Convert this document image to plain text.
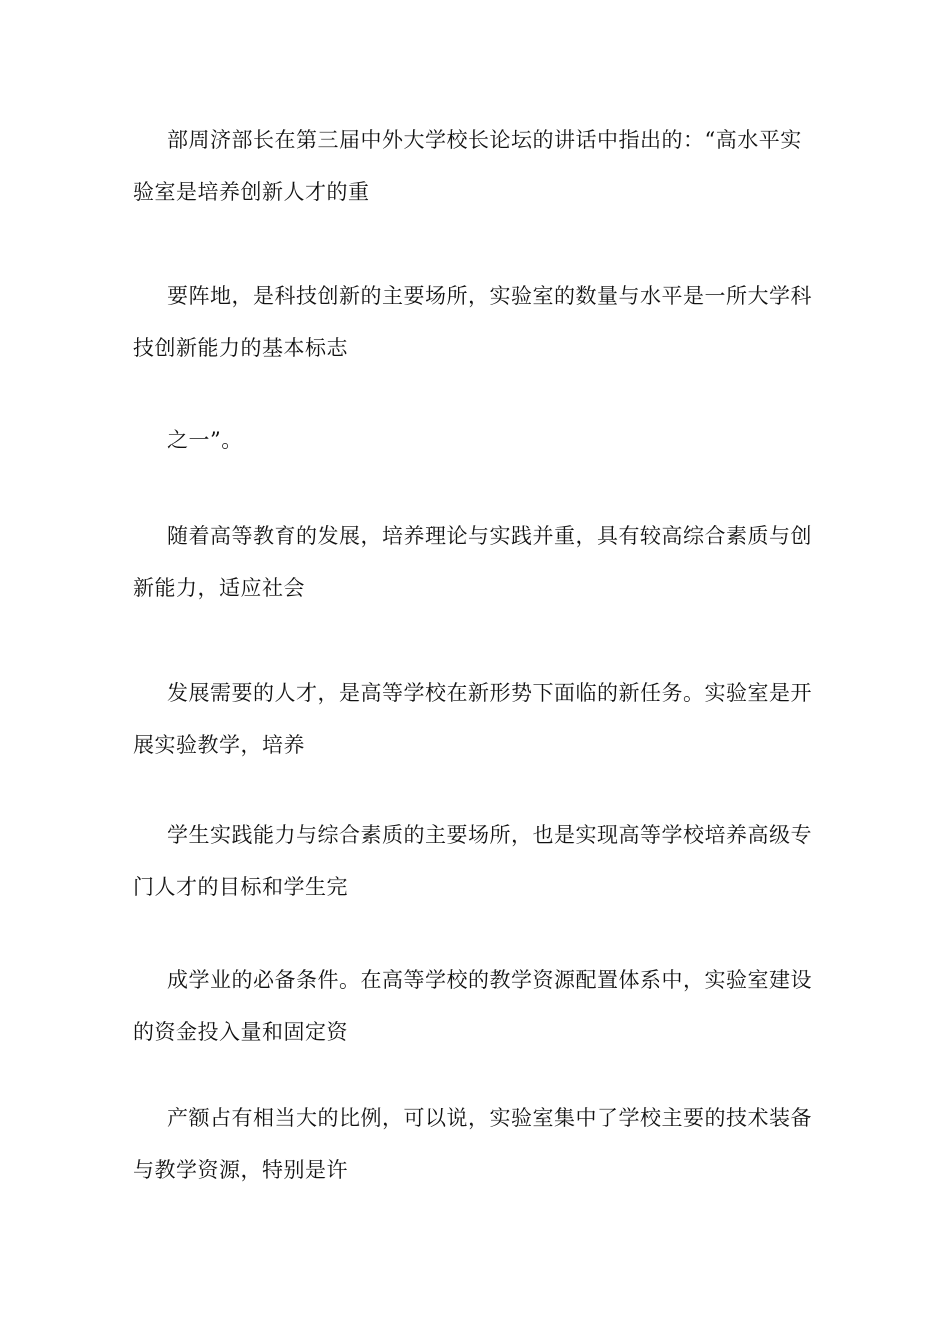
部周济部长在第三届中外大学校长论坛的讲话中指出的：“高水平实验室是培养创新人才的重

要阵地，是科技创新的主要场所，实验室的数量与水平是一所大学科技创新能力的基本标志

之一”。

随着高等教育的发展，培养理论与实践并重，具有较高综合素质与创新能力，适应社会

发展需要的人才，是高等学校在新形势下面临的新任务。实验室是开展实验教学，培养

学生实践能力与综合素质的主要场所，也是实现高等学校培养高级专门人才的目标和学生完

成学业的必备条件。在高等学校的教学资源配置体系中，实验室建设的资金投入量和固定资

产额占有相当大的比例，可以说，实验室集中了学校主要的技术装备与教学资源，特别是许
